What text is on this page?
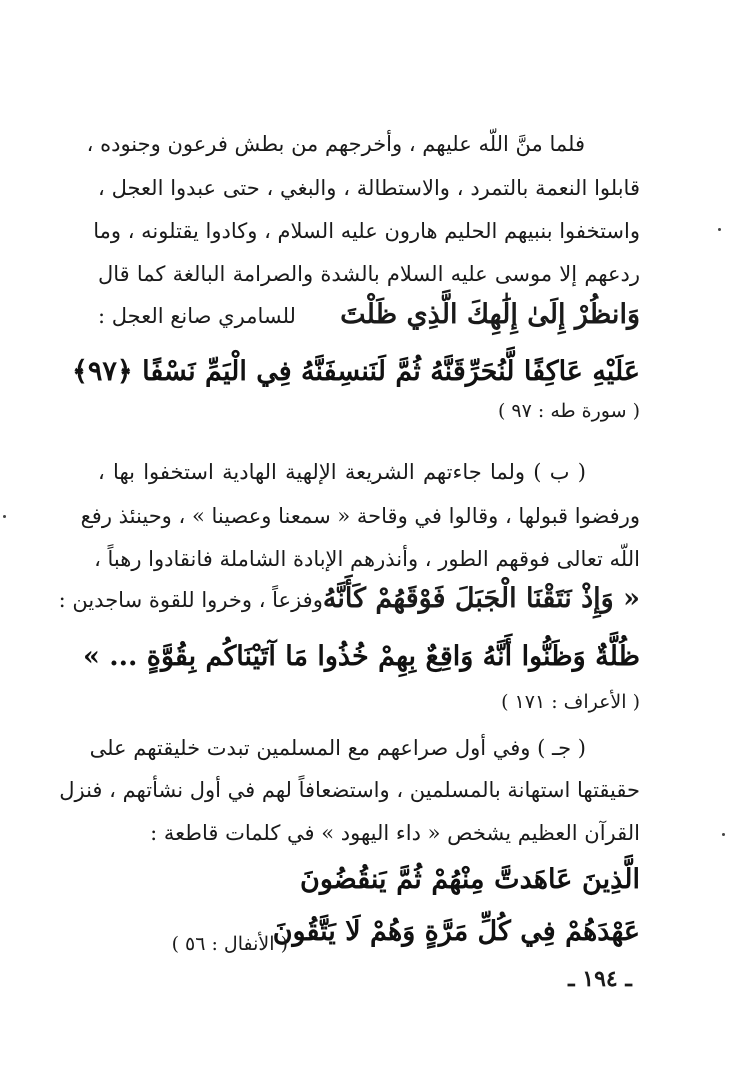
فلما منَّ اللّه عليهم ، وأخرجهم من بطش فرعون وجنوده ،
قابلوا النعمة بالتمرد ، والاستطالة ، والبغي ، حتى عبدوا العجل ،
واستخفوا بنبيهم الحليم هارون عليه السلام ، وكادوا يقتلونه ، وما
ردعهم إلا موسى عليه السلام بالشدة والصرامة البالغة كما قال
وَانظُرْ إِلَىٰ إِلَٰهِكَ الَّذِي ظَلْتَ
للسامري صانع العجل :
عَلَيْهِ عَاكِفًا لَّنُحَرِّقَنَّهُ ثُمَّ لَنَنسِفَنَّهُ فِي الْيَمِّ نَسْفًا ﴿٩٧﴾
( سورة طه : ٩٧ )
( ب ) ولما جاءتهم الشريعة الإلهية الهادية استخفوا بها ،
ورفضوا قبولها ، وقالوا في وقاحة « سمعنا وعصينا » ، وحينئذ رفع
اللّه تعالى فوقهم الطور ، وأنذرهم الإبادة الشاملة فانقادوا رهباً ،
« وَإِذْ نَتَقْنَا الْجَبَلَ فَوْقَهُمْ كَأَنَّهُ
وفزعاً ، وخروا للقوة ساجدين :
ظُلَّةٌ وَظَنُّوا أَنَّهُ وَاقِعٌ بِهِمْ خُذُوا مَا آتَيْنَاكُم بِقُوَّةٍ ... »
( الأعراف : ١٧١ )
( جـ ) وفي أول صراعهم مع المسلمين تبدت خليقتهم على
حقيقتها استهانة بالمسلمين ، واستضعافاً لهم في أول نشأتهم ، فنزل
القرآن العظيم يشخص « داء اليهود » في كلمات قاطعة :
الَّذِينَ عَاهَدتَّ مِنْهُمْ ثُمَّ يَنقُضُونَ
عَهْدَهُمْ فِي كُلِّ مَرَّةٍ وَهُمْ لَا يَتَّقُونَ
( الأنفال : ٥٦ )
ـ ١٩٤ ـ
